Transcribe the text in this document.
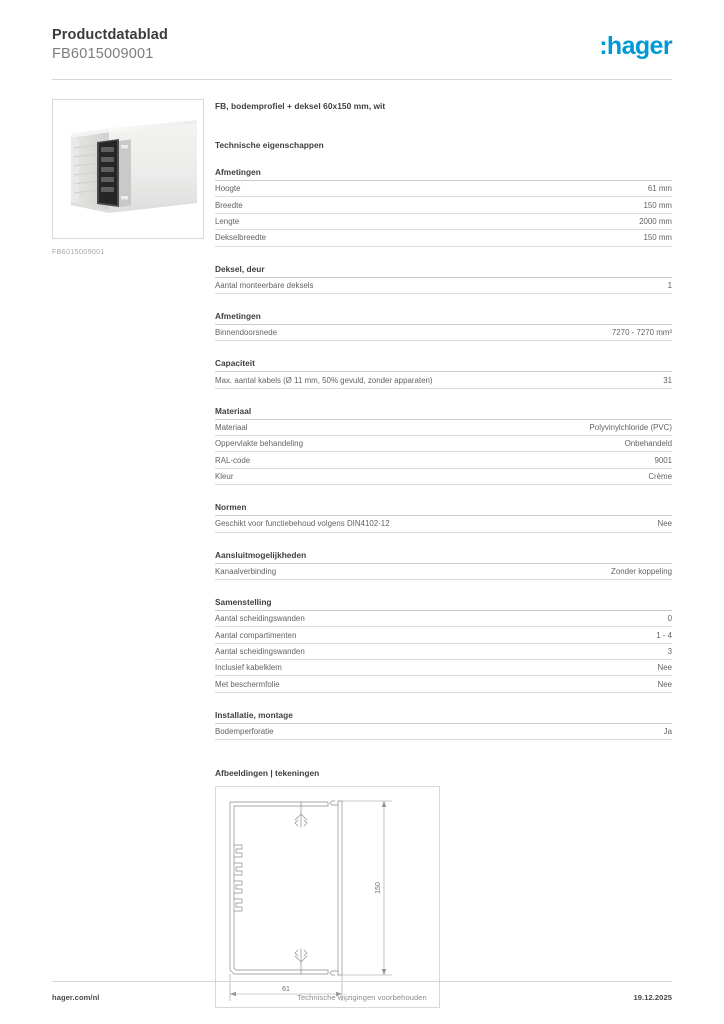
Productdatablad
FB6015009001	:hager
FB6015009001
FB, bodemprofiel + deksel 60x150 mm, wit
Technische eigenschappen
Afmetingen
Hoogte	61 mm
Breedte	150 mm
Lengte	2000 mm
Dekselbreedte	150 mm
Deksel, deur
Aantal monteerbare deksels	1
Afmetingen
Binnendoorsnede	7270 - 7270 mm²
Capaciteit
Max. aantal kabels (Ø 11 mm, 50% gevuld, zonder apparaten)	31
Materiaal
Materiaal	Polyvinylchloride (PVC)
Oppervlakte behandeling	Onbehandeld
RAL-code	9001
Kleur	Crème
Normen
Geschikt voor functiebehoud volgens DIN4102-12	Nee
Aansluitmogelijkheden
Kanaalverbinding	Zonder koppeling
Samenstelling
Aantal scheidingswanden	0
Aantal compartimenten	1 - 4
Aantal scheidingswanden	3
Inclusief kabelklem	Nee
Met beschermfolie	Nee
Installatie, montage
Bodemperforatie	Ja
Afbeeldingen | tekeningen
150
61
hager.com/nl	Technische wijzigingen voorbehouden	19.12.2025
